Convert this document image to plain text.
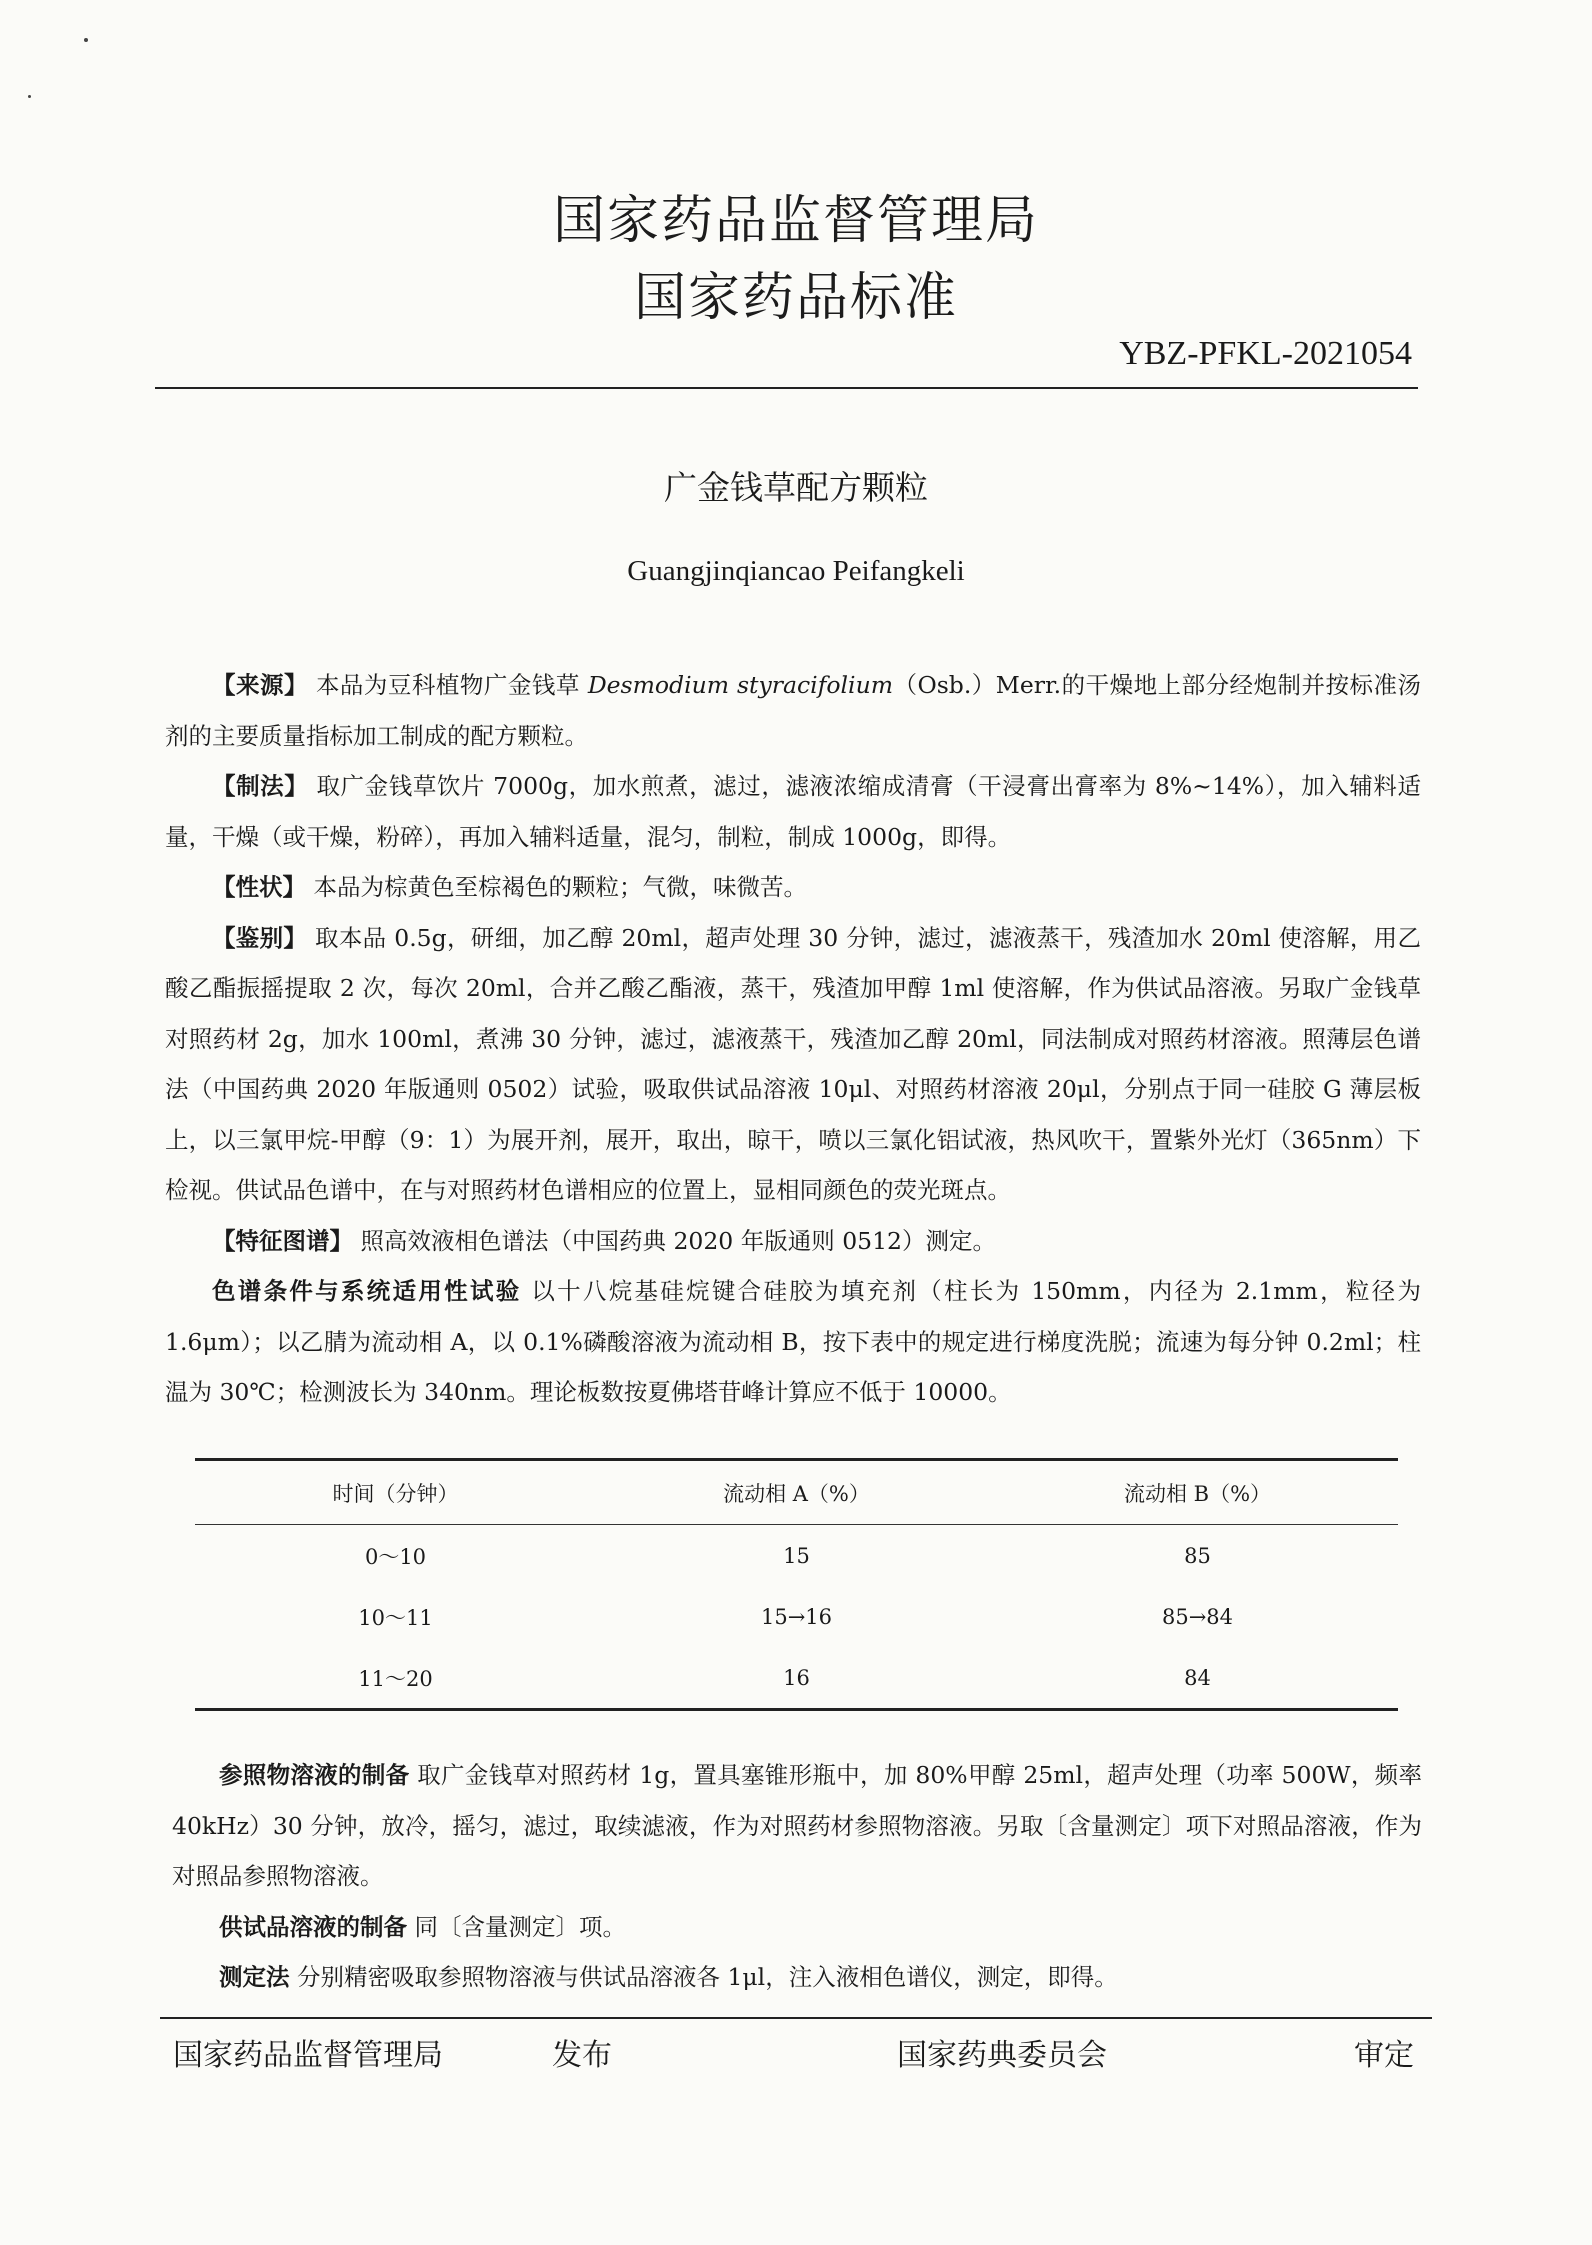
国家药品监督管理局
国家药品标准
YBZ-PFKL-2021054
广金钱草配方颗粒
Guangjinqiancao Peifangkeli

【来源】 本品为豆科植物广金钱草 Desmodium styracifolium（Osb.）Merr.的干燥地上部分经炮制并按标准汤剂的主要质量指标加工制成的配方颗粒。

【制法】 取广金钱草饮片 7000g，加水煎煮，滤过，滤液浓缩成清膏（干浸膏出膏率为 8%~14%），加入辅料适量，干燥（或干燥，粉碎），再加入辅料适量，混匀，制粒，制成 1000g，即得。

【性状】 本品为棕黄色至棕褐色的颗粒；气微，味微苦。

【鉴别】 取本品 0.5g，研细，加乙醇 20ml，超声处理 30 分钟，滤过，滤液蒸干，残渣加水 20ml 使溶解，用乙酸乙酯振摇提取 2 次，每次 20ml，合并乙酸乙酯液，蒸干，残渣加甲醇 1ml 使溶解，作为供试品溶液。另取广金钱草对照药材 2g，加水 100ml，煮沸 30 分钟，滤过，滤液蒸干，残渣加乙醇 20ml，同法制成对照药材溶液。照薄层色谱法（中国药典 2020 年版通则 0502）试验，吸取供试品溶液 10μl、对照药材溶液 20μl，分别点于同一硅胶 G 薄层板上，以三氯甲烷-甲醇（9：1）为展开剂，展开，取出，晾干，喷以三氯化铝试液，热风吹干，置紫外光灯（365nm）下检视。供试品色谱中，在与对照药材色谱相应的位置上，显相同颜色的荧光斑点。

【特征图谱】 照高效液相色谱法（中国药典 2020 年版通则 0512）测定。

色谱条件与系统适用性试验 以十八烷基硅烷键合硅胶为填充剂（柱长为 150mm，内径为 2.1mm，粒径为 1.6μm）；以乙腈为流动相 A，以 0.1%磷酸溶液为流动相 B，按下表中的规定进行梯度洗脱；流速为每分钟 0.2ml；柱温为 30℃；检测波长为 340nm。理论板数按夏佛塔苷峰计算应不低于 10000。

时间（分钟）	流动相 A（%）	流动相 B（%）
0～10	15	85
10～11	15→16	85→84
11～20	16	84

参照物溶液的制备 取广金钱草对照药材 1g，置具塞锥形瓶中，加 80%甲醇 25ml，超声处理（功率 500W，频率 40kHz）30 分钟，放冷，摇匀，滤过，取续滤液，作为对照药材参照物溶液。另取〔含量测定〕项下对照品溶液，作为对照品参照物溶液。

供试品溶液的制备 同〔含量测定〕项。

测定法 分别精密吸取参照物溶液与供试品溶液各 1μl，注入液相色谱仪，测定，即得。

国家药品监督管理局	发布	国家药典委员会	审定
